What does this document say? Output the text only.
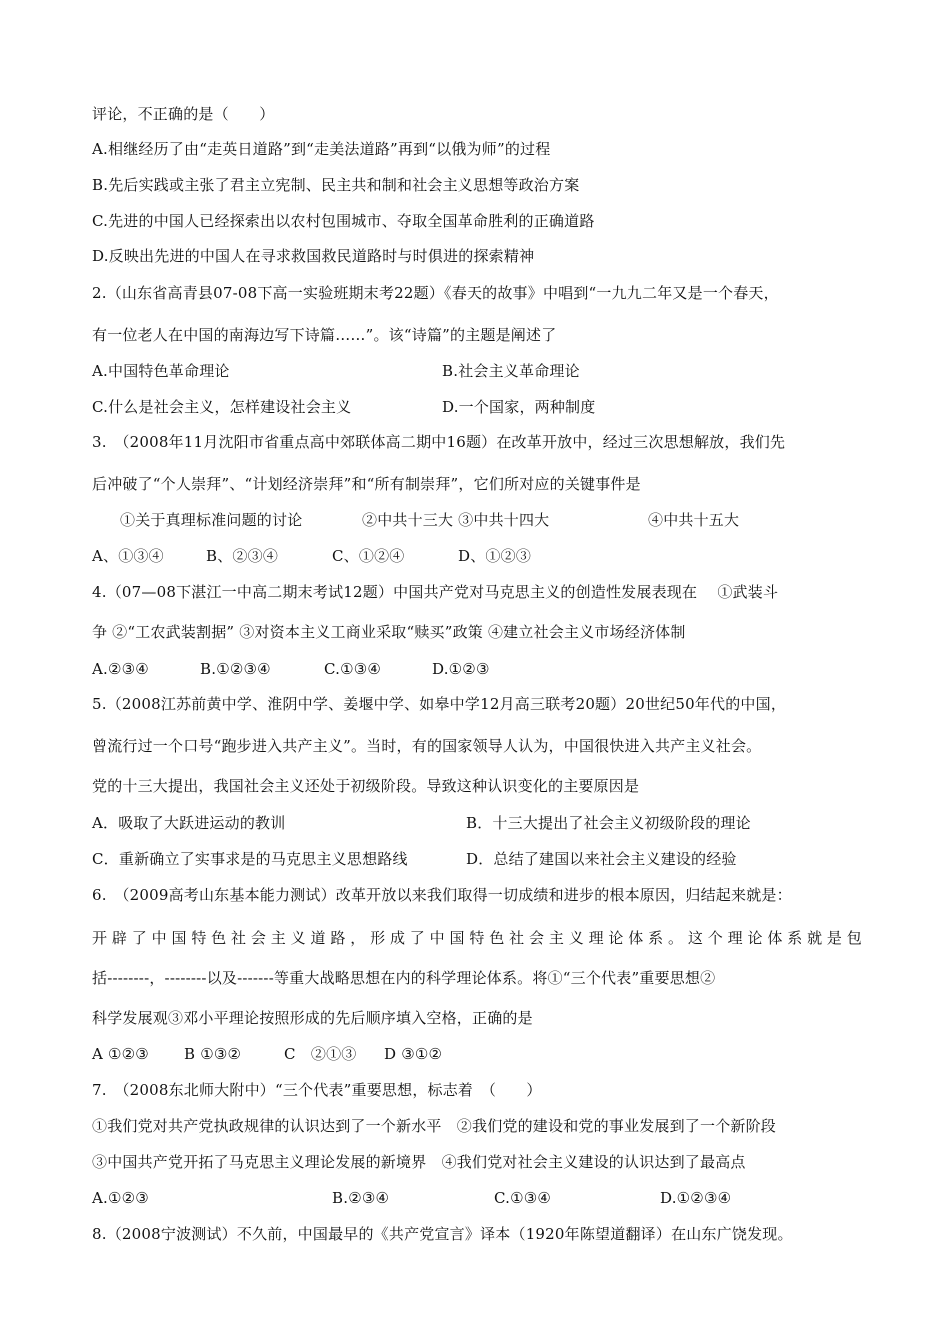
评论，不正确的是（　　）
A.相继经历了由“走英日道路”到“走美法道路”再到“以俄为师”的过程
B.先后实践或主张了君主立宪制、民主共和制和社会主义思想等政治方案
C.先进的中国人已经探索出以农村包围城市、夺取全国革命胜利的正确道路
D.反映出先进的中国人在寻求救国救民道路时与时俱进的探索精神
2.（山东省高青县07-08下高一实验班期末考22题）《春天的故事》中唱到“一九九二年又是一个春天，
有一位老人在中国的南海边写下诗篇……”。该“诗篇”的主题是阐述了
A.中国特色革命理论	B.社会主义革命理论
C.什么是社会主义，怎样建设社会主义	D.一个国家，两种制度
3.　（2008年11月沈阳市省重点高中郊联体高二期中16题）在改革开放中，经过三次思想解放，我们先
后冲破了“个人崇拜”、“计划经济崇拜”和“所有制崇拜”，它们所对应的关键事件是
①关于真理标准问题的讨论	②中共十三大 ③中共十四大	④中共十五大
A、①③④	B、②③④	C、①②④	D、①②③
4.（07—08下湛江一中高二期末考试12题）中国共产党对马克思主义的创造性发展表现在　 ①武装斗
争 ②“工农武装割据” ③对资本主义工商业采取“赎买”政策 ④建立社会主义市场经济体制
A.②③④	B.①②③④	C.①③④	D.①②③
5.（2008江苏前黄中学、淮阴中学、姜堰中学、如皋中学12月高三联考20题）20世纪50年代的中国，
曾流行过一个口号“跑步进入共产主义”。当时，有的国家领导人认为，中国很快进入共产主义社会。
党的十三大提出，我国社会主义还处于初级阶段。导致这种认识变化的主要原因是
A．吸取了大跃进运动的教训	B．十三大提出了社会主义初级阶段的理论
C．重新确立了实事求是的马克思主义思想路线	D．总结了建国以来社会主义建设的经验
6.　（2009高考山东基本能力测试）改革开放以来我们取得一切成绩和进步的根本原因，归结起来就是：
开辟了中国特色社会主义道路，形成了中国特色社会主义理论体系。这个理论体系就是包
括--------，--------以及-------等重大战略思想在内的科学理论体系。将①“三个代表”重要思想②
科学发展观③邓小平理论按照形成的先后顺序填入空格，正确的是
A ①②③ B ①③②	C　②①③ D ③①②
7.　（2008东北师大附中）“三个代表”重要思想，标志着　（　　）
①我们党对共产党执政规律的认识达到了一个新水平　②我们党的建设和党的事业发展到了一个新阶段
③中国共产党开拓了马克思主义理论发展的新境界　④我们党对社会主义建设的认识达到了最高点
A.①②③	B.②③④	C.①③④	D.①②③④
8.（2008宁波测试）不久前，中国最早的《共产党宣言》译本（1920年陈望道翻译）在山东广饶发现。
